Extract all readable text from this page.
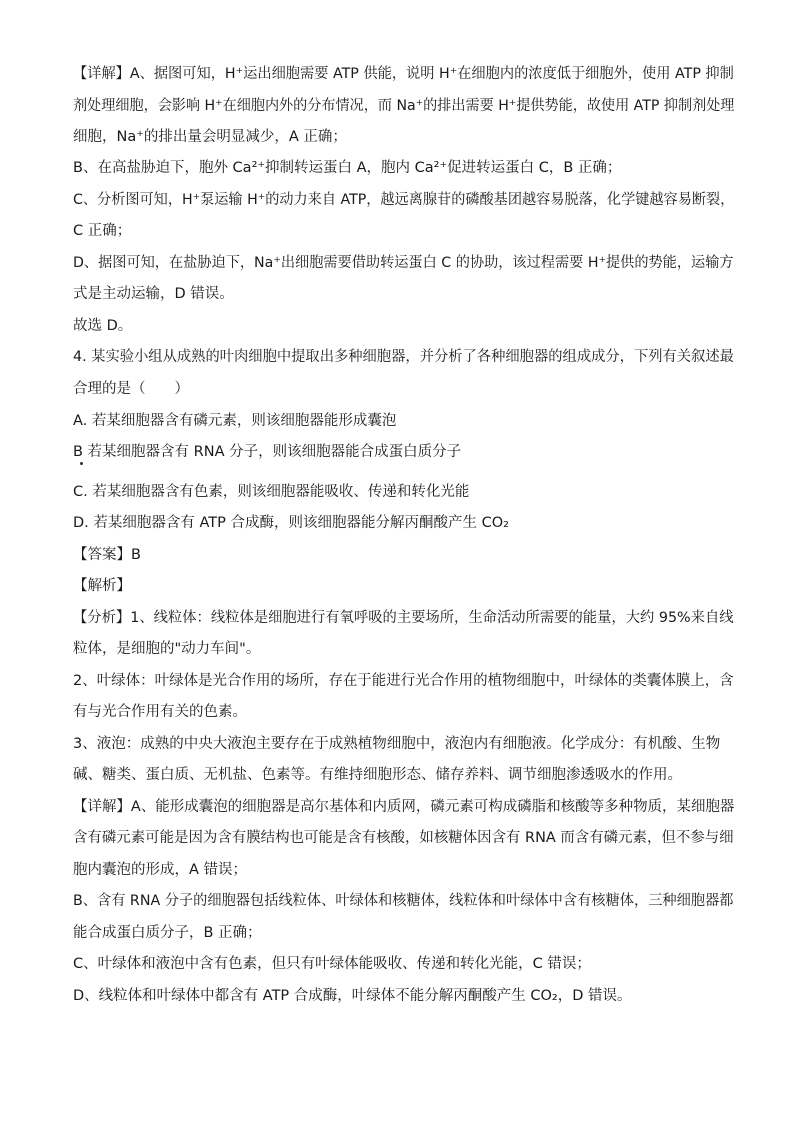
【详解】A、据图可知，H⁺运出细胞需要 ATP 供能，说明 H⁺在细胞内的浓度低于细胞外，使用 ATP 抑制
剂处理细胞，会影响 H⁺在细胞内外的分布情况，而 Na⁺的排出需要 H⁺提供势能，故使用 ATP 抑制剂处理
细胞，Na⁺的排出量会明显减少，A 正确；
B、在高盐胁迫下，胞外 Ca²⁺抑制转运蛋白 A，胞内 Ca²⁺促进转运蛋白 C，B 正确；
C、分析图可知，H⁺泵运输 H⁺的动力来自 ATP，越远离腺苷的磷酸基团越容易脱落，化学键越容易断裂，
C 正确；
D、据图可知，在盐胁迫下，Na⁺出细胞需要借助转运蛋白 C 的协助，该过程需要 H⁺提供的势能，运输方
式是主动运输，D 错误。
故选 D。
4. 某实验小组从成熟的叶肉细胞中提取出多种细胞器，并分析了各种细胞器的组成成分，下列有关叙述最
合理的是（　　）
A. 若某细胞器含有磷元素，则该细胞器能形成囊泡
B 若某细胞器含有 RNA 分子，则该细胞器能合成蛋白质分子
C. 若某细胞器含有色素，则该细胞器能吸收、传递和转化光能
D. 若某细胞器含有 ATP 合成酶，则该细胞器能分解丙酮酸产生 CO₂
【答案】B
【解析】
【分析】1、线粒体：线粒体是细胞进行有氧呼吸的主要场所，生命活动所需要的能量，大约 95%来自线
粒体，是细胞的"动力车间"。
2、叶绿体：叶绿体是光合作用的场所，存在于能进行光合作用的植物细胞中，叶绿体的类囊体膜上，含
有与光合作用有关的色素。
3、液泡：成熟的中央大液泡主要存在于成熟植物细胞中，液泡内有细胞液。化学成分：有机酸、生物
碱、糖类、蛋白质、无机盐、色素等。有维持细胞形态、储存养料、调节细胞渗透吸水的作用。
【详解】A、能形成囊泡的细胞器是高尔基体和内质网，磷元素可构成磷脂和核酸等多种物质，某细胞器
含有磷元素可能是因为含有膜结构也可能是含有核酸，如核糖体因含有 RNA 而含有磷元素，但不参与细
胞内囊泡的形成，A 错误；
B、含有 RNA 分子的细胞器包括线粒体、叶绿体和核糖体，线粒体和叶绿体中含有核糖体，三种细胞器都
能合成蛋白质分子，B 正确；
C、叶绿体和液泡中含有色素，但只有叶绿体能吸收、传递和转化光能，C 错误；
D、线粒体和叶绿体中都含有 ATP 合成酶，叶绿体不能分解丙酮酸产生 CO₂，D 错误。
